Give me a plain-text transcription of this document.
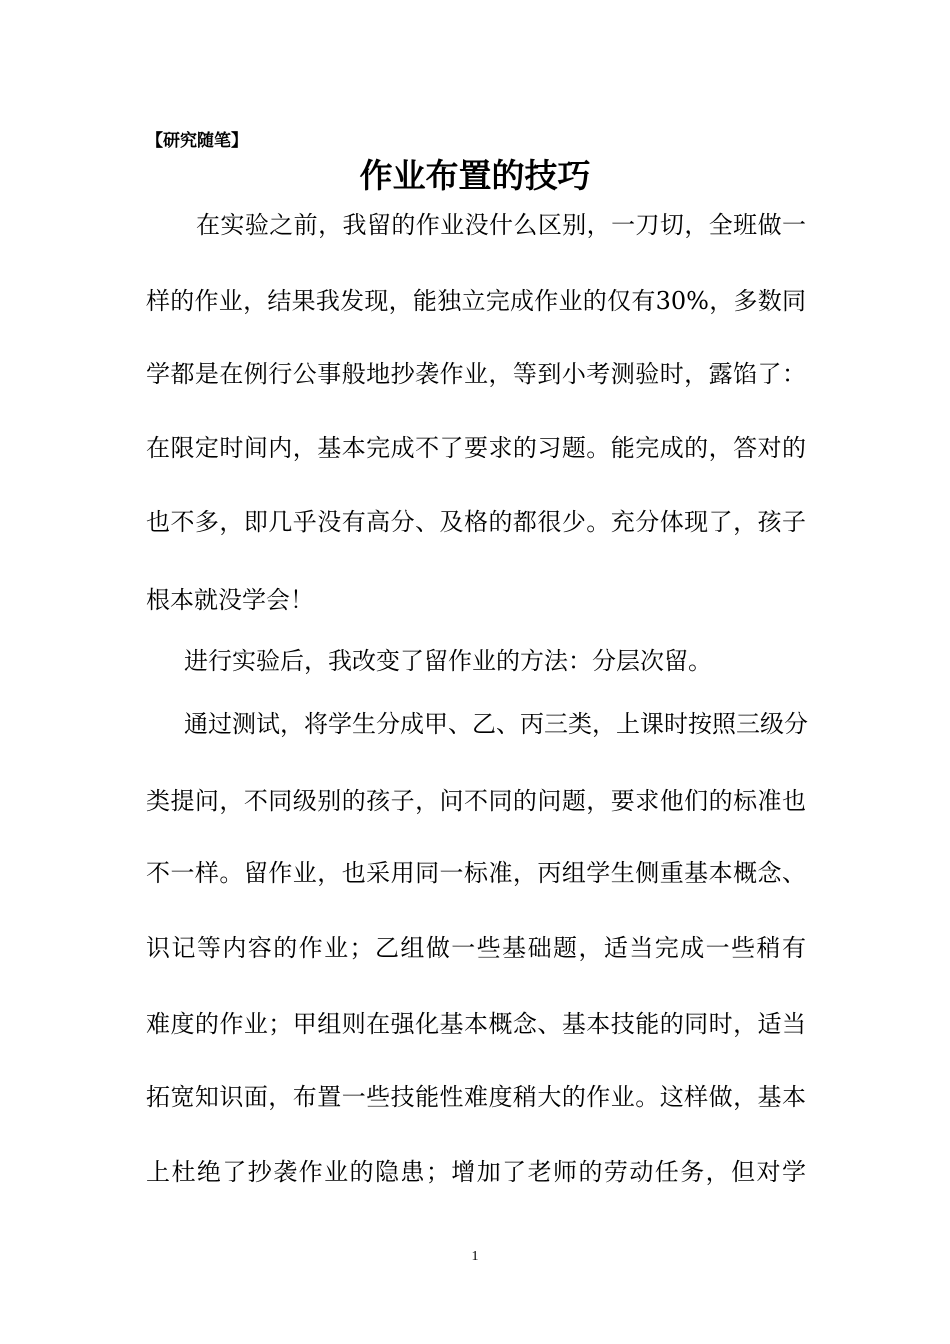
【研究随笔】
作业布置的技巧
在实验之前，我留的作业没什么区别，一刀切，全班做一
样的作业，结果我发现，能独立完成作业的仅有30%，多数同
学都是在例行公事般地抄袭作业，等到小考测验时，露馅了：
在限定时间内，基本完成不了要求的习题。能完成的，答对的
也不多，即几乎没有高分、及格的都很少。充分体现了，孩子
根本就没学会！
进行实验后，我改变了留作业的方法：分层次留。
通过测试，将学生分成甲、乙、丙三类，上课时按照三级分
类提问，不同级别的孩子，问不同的问题，要求他们的标准也
不一样。留作业，也采用同一标准，丙组学生侧重基本概念、
识记等内容的作业；乙组做一些基础题，适当完成一些稍有
难度的作业；甲组则在强化基本概念、基本技能的同时，适当
拓宽知识面，布置一些技能性难度稍大的作业。这样做，基本
上杜绝了抄袭作业的隐患；增加了老师的劳动任务，但对学
1
